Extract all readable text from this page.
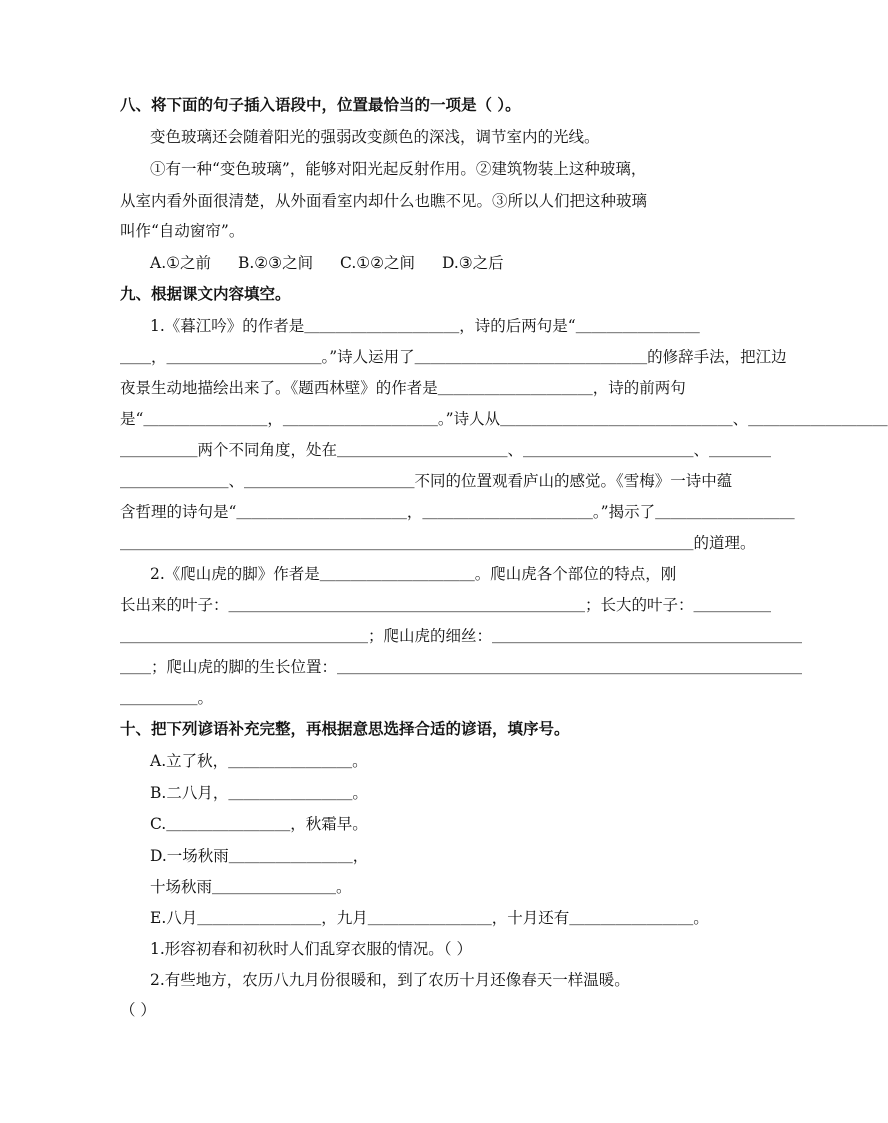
八、将下面的句子插入语段中，位置最恰当的一项是（ ）。
变色玻璃还会随着阳光的强弱改变颜色的深浅，调节室内的光线。
①有一种“变色玻璃”，能够对阳光起反射作用。②建筑物装上这种玻璃，
从室内看外面很清楚，从外面看室内却什么也瞧不见。③所以人们把这种玻璃
叫作“自动窗帘”。
A.①之前 B.②③之间 C.①②之间 D.③之后
九、根据课文内容填空。
1.《暮江吟》的作者是＿＿＿＿＿＿＿＿＿＿，诗的后两句是“＿＿＿＿＿＿＿＿
＿＿，＿＿＿＿＿＿＿＿＿＿。”诗人运用了＿＿＿＿＿＿＿＿＿＿＿＿＿＿＿的修辞手法，把江边
夜景生动地描绘出来了。《题西林壁》的作者是＿＿＿＿＿＿＿＿＿＿，诗的前两句
是“＿＿＿＿＿＿＿＿，＿＿＿＿＿＿＿＿＿＿。”诗人从＿＿＿＿＿＿＿＿＿＿＿＿＿＿＿、＿＿＿＿＿＿＿＿＿
＿＿＿＿＿两个不同角度，处在＿＿＿＿＿＿＿＿＿＿＿、＿＿＿＿＿＿＿＿＿＿＿、＿＿＿＿
＿＿＿＿＿＿＿、＿＿＿＿＿＿＿＿＿＿＿不同的位置观看庐山的感觉。《雪梅》一诗中蕴
含哲理的诗句是“＿＿＿＿＿＿＿＿＿＿＿，＿＿＿＿＿＿＿＿＿＿＿。”揭示了＿＿＿＿＿＿＿＿＿
＿＿＿＿＿＿＿＿＿＿＿＿＿＿＿＿＿＿＿＿＿＿＿＿＿＿＿＿＿＿＿＿＿＿＿＿＿的道理。
2.《爬山虎的脚》作者是＿＿＿＿＿＿＿＿＿＿。爬山虎各个部位的特点，刚
长出来的叶子：＿＿＿＿＿＿＿＿＿＿＿＿＿＿＿＿＿＿＿＿＿＿＿；长大的叶子：＿＿＿＿＿
＿＿＿＿＿＿＿＿＿＿＿＿＿＿＿＿；爬山虎的细丝：＿＿＿＿＿＿＿＿＿＿＿＿＿＿＿＿＿＿＿＿
＿＿；爬山虎的脚的生长位置：＿＿＿＿＿＿＿＿＿＿＿＿＿＿＿＿＿＿＿＿＿＿＿＿＿＿＿＿＿＿
＿＿＿＿＿。
十、把下列谚语补充完整，再根据意思选择合适的谚语，填序号。
A.立了秋，＿＿＿＿＿＿＿＿。
B.二八月，＿＿＿＿＿＿＿＿。
C.＿＿＿＿＿＿＿＿，秋霜早。
D.一场秋雨＿＿＿＿＿＿＿＿，
十场秋雨＿＿＿＿＿＿＿＿。
E.八月＿＿＿＿＿＿＿＿，九月＿＿＿＿＿＿＿＿，十月还有＿＿＿＿＿＿＿＿。
1.形容初春和初秋时人们乱穿衣服的情况。（ ）
2.有些地方，农历八九月份很暖和，到了农历十月还像春天一样温暖。
（ ）
